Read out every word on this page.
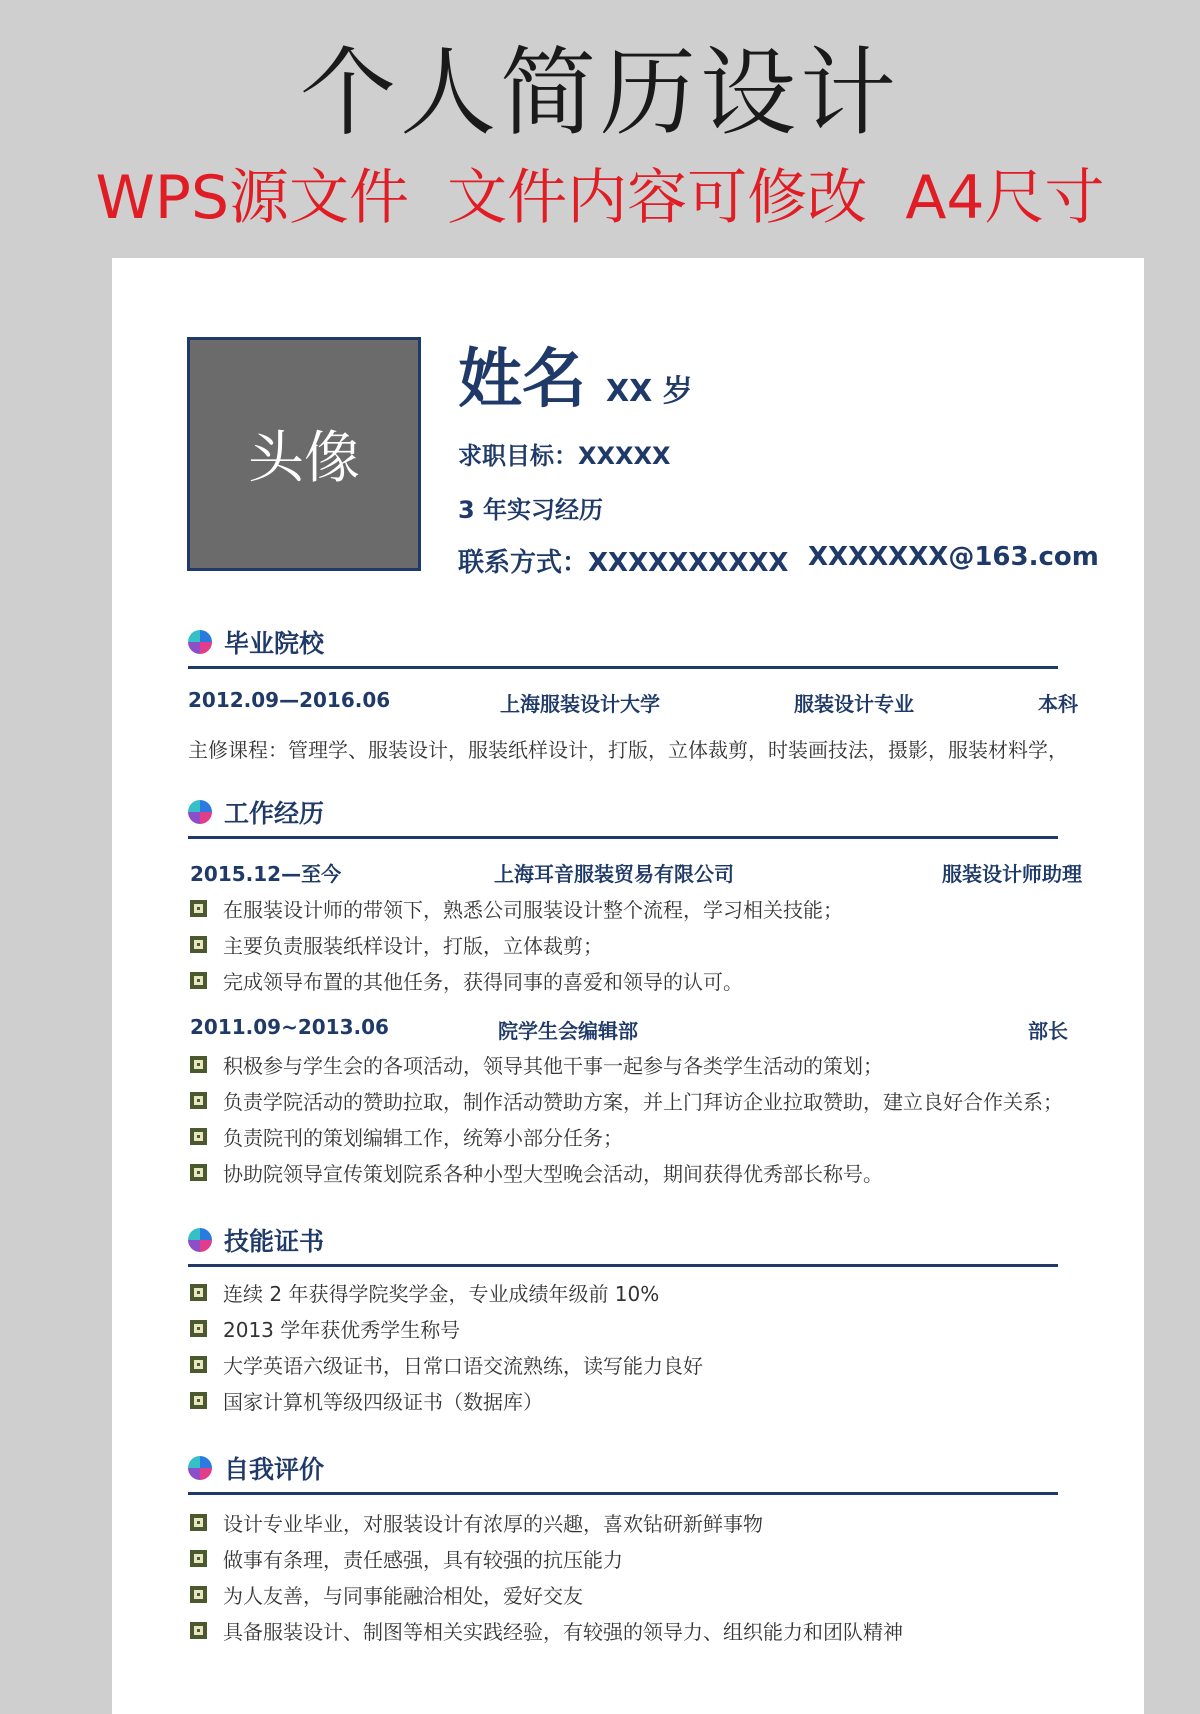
个人简历设计
WPS源文件  文件内容可修改  A4尺寸
头像
姓名 XX 岁
求职目标：XXXXX
3 年实习经历
联系方式：XXXXXXXXXX XXXXXXX@163.com
毕业院校
2012.09—2016.06	上海服装设计大学	服装设计专业	本科
主修课程：管理学、服装设计，服装纸样设计，打版，立体裁剪，时装画技法，摄影，服装材料学，
工作经历
2015.12—至今	上海耳音服装贸易有限公司	服装设计师助理
在服装设计师的带领下，熟悉公司服装设计整个流程，学习相关技能；
主要负责服装纸样设计，打版，立体裁剪；
完成领导布置的其他任务，获得同事的喜爱和领导的认可。
2011.09~2013.06	院学生会编辑部	部长
积极参与学生会的各项活动，领导其他干事一起参与各类学生活动的策划；
负责学院活动的赞助拉取，制作活动赞助方案，并上门拜访企业拉取赞助，建立良好合作关系；
负责院刊的策划编辑工作，统筹小部分任务；
协助院领导宣传策划院系各种小型大型晚会活动，期间获得优秀部长称号。
技能证书
连续 2 年获得学院奖学金，专业成绩年级前 10%
2013 学年获优秀学生称号
大学英语六级证书，日常口语交流熟练，读写能力良好
国家计算机等级四级证书（数据库）
自我评价
设计专业毕业，对服装设计有浓厚的兴趣，喜欢钻研新鲜事物
做事有条理，责任感强，具有较强的抗压能力
为人友善，与同事能融洽相处，爱好交友
具备服装设计、制图等相关实践经验，有较强的领导力、组织能力和团队精神
